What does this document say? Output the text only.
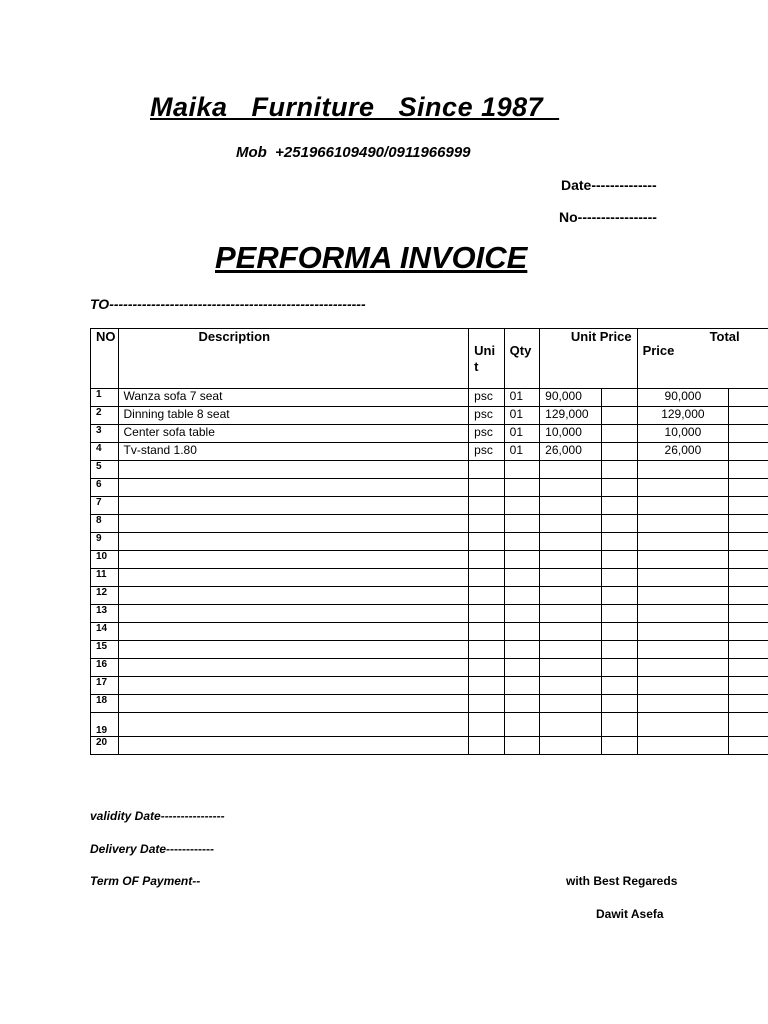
Maika   Furniture   Since 1987
Mob  +251966109490/0911966999
Date--------------
No-----------------
PERFORMA INVOICE
TO-------------------------------------------------------
NO	Description	Unit	Qty	Unit Price		Total
Price	

1	Wanza sofa 7 seat	psc	01	90,000		90,000	
2	Dinning table 8 seat	psc	01	129,000		129,000	
3	Center sofa table	psc	01	10,000		10,000	
4	Tv-stand 1.80	psc	01	26,000		26,000	
5							
6							
7							
8							
9							
10							
11							
12							
13							
14							
15							
16							
17							
18							
19							
20							
validity Date----------------
Delivery Date------------
Term OF Payment--	with Best Regareds
Dawit Asefa
